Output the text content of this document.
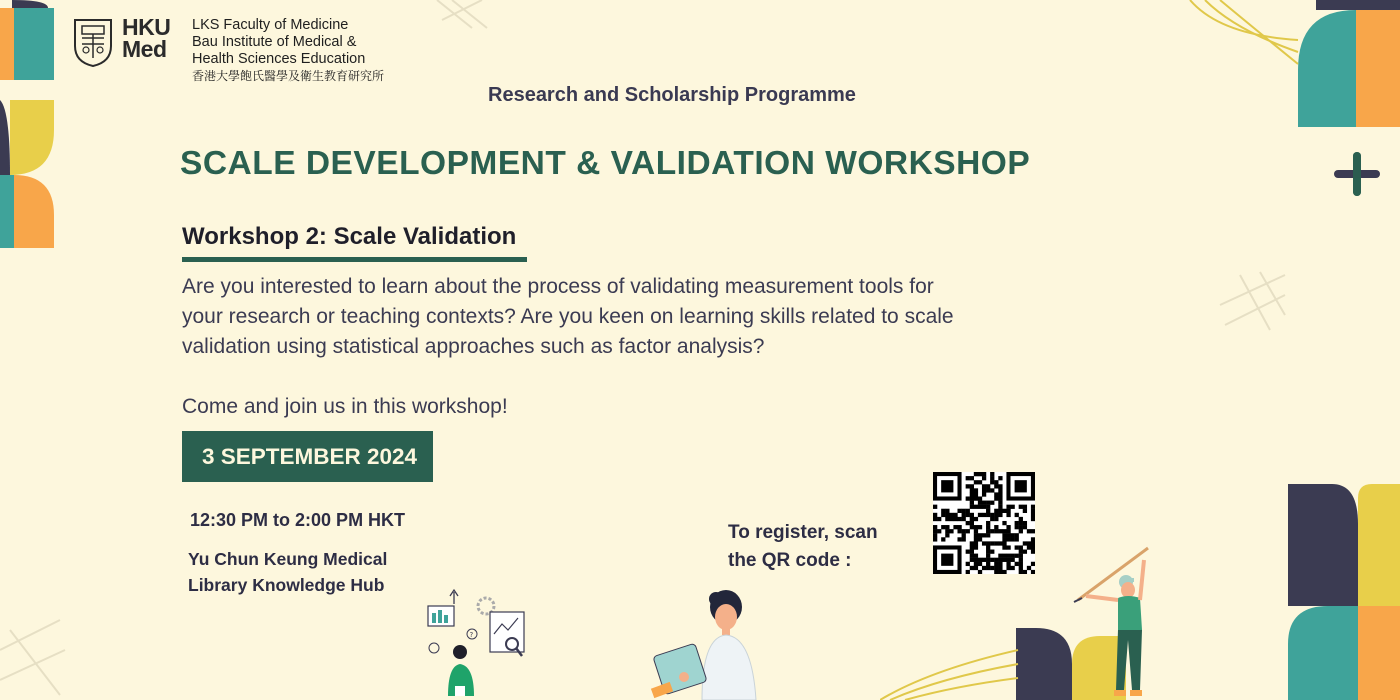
HKU
Med
LKS Faculty of Medicine
Bau Institute of Medical &
Health Sciences Education
香港大學飽氏醫學及衛生教育研究所
Research and Scholarship Programme
SCALE DEVELOPMENT & VALIDATION WORKSHOP
Workshop 2: Scale Validation
Are you interested to learn about the process of validating measurement tools for
your research or teaching contexts? Are you keen on learning skills related to scale
validation using statistical approaches such as factor analysis?
Come and join us in this workshop!
3 SEPTEMBER 2024
12:30 PM to 2:00 PM HKT
Yu Chun Keung Medical
Library Knowledge Hub
To register, scan
the QR code :
?
